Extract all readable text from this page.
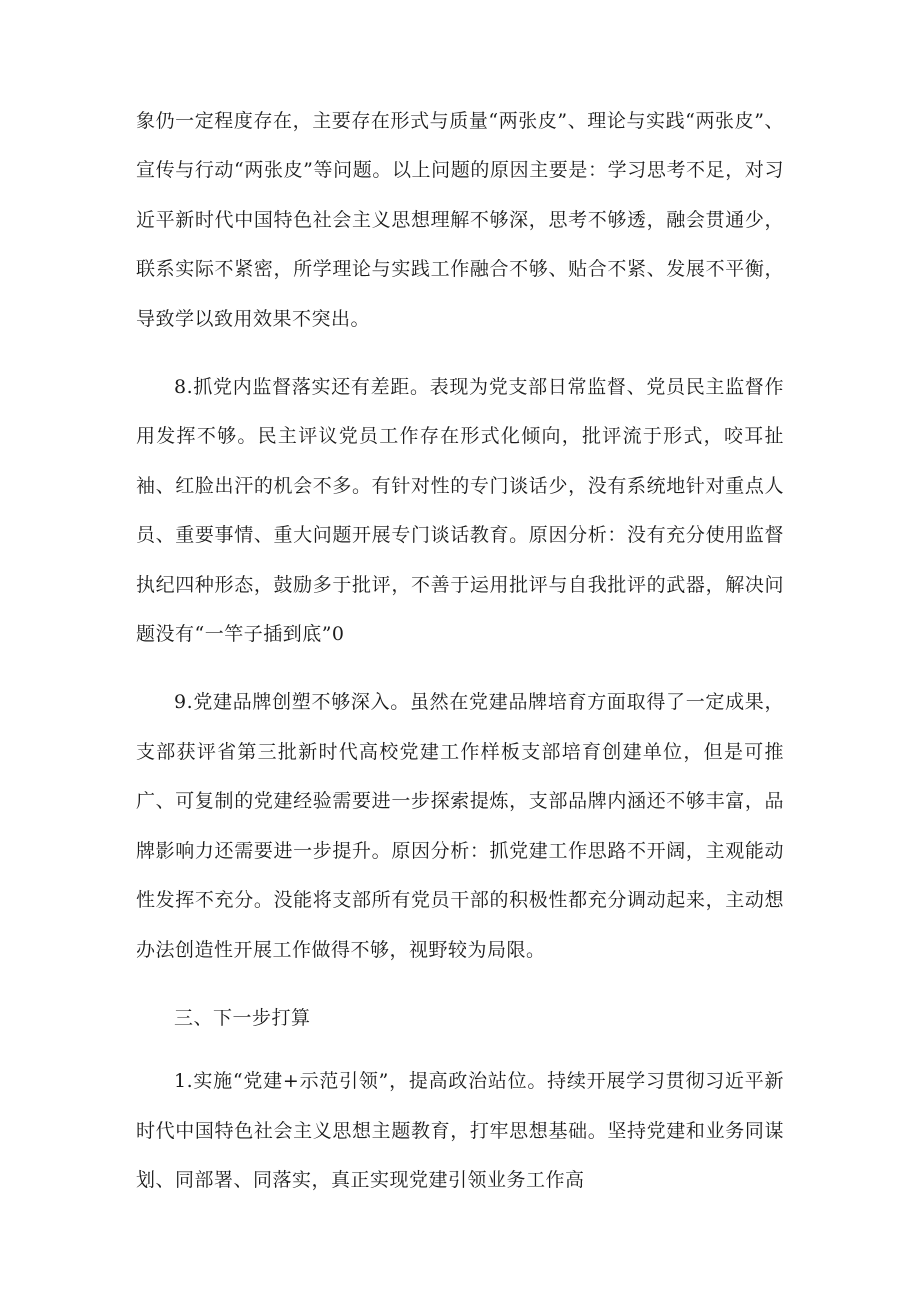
象仍一定程度存在，主要存在形式与质量“两张皮”、理论与实践“两张皮”、宣传与行动“两张皮”等问题。以上问题的原因主要是：学习思考不足，对习近平新时代中国特色社会主义思想理解不够深，思考不够透，融会贯通少，联系实际不紧密，所学理论与实践工作融合不够、贴合不紧、发展不平衡，导致学以致用效果不突出。

8.抓党内监督落实还有差距。表现为党支部日常监督、党员民主监督作用发挥不够。民主评议党员工作存在形式化倾向，批评流于形式，咬耳扯袖、红脸出汗的机会不多。有针对性的专门谈话少，没有系统地针对重点人员、重要事情、重大问题开展专门谈话教育。原因分析：没有充分使用监督执纪四种形态，鼓励多于批评，不善于运用批评与自我批评的武器，解决问题没有“一竿子插到底”0

9.党建品牌创塑不够深入。虽然在党建品牌培育方面取得了一定成果，支部获评省第三批新时代高校党建工作样板支部培育创建单位，但是可推广、可复制的党建经验需要进一步探索提炼，支部品牌内涵还不够丰富，品牌影响力还需要进一步提升。原因分析：抓党建工作思路不开阔，主观能动性发挥不充分。没能将支部所有党员干部的积极性都充分调动起来，主动想办法创造性开展工作做得不够，视野较为局限。

三、下一步打算

1.实施“党建+示范引领”，提高政治站位。持续开展学习贯彻习近平新时代中国特色社会主义思想主题教育，打牢思想基础。坚持党建和业务同谋划、同部署、同落实，真正实现党建引领业务工作高
